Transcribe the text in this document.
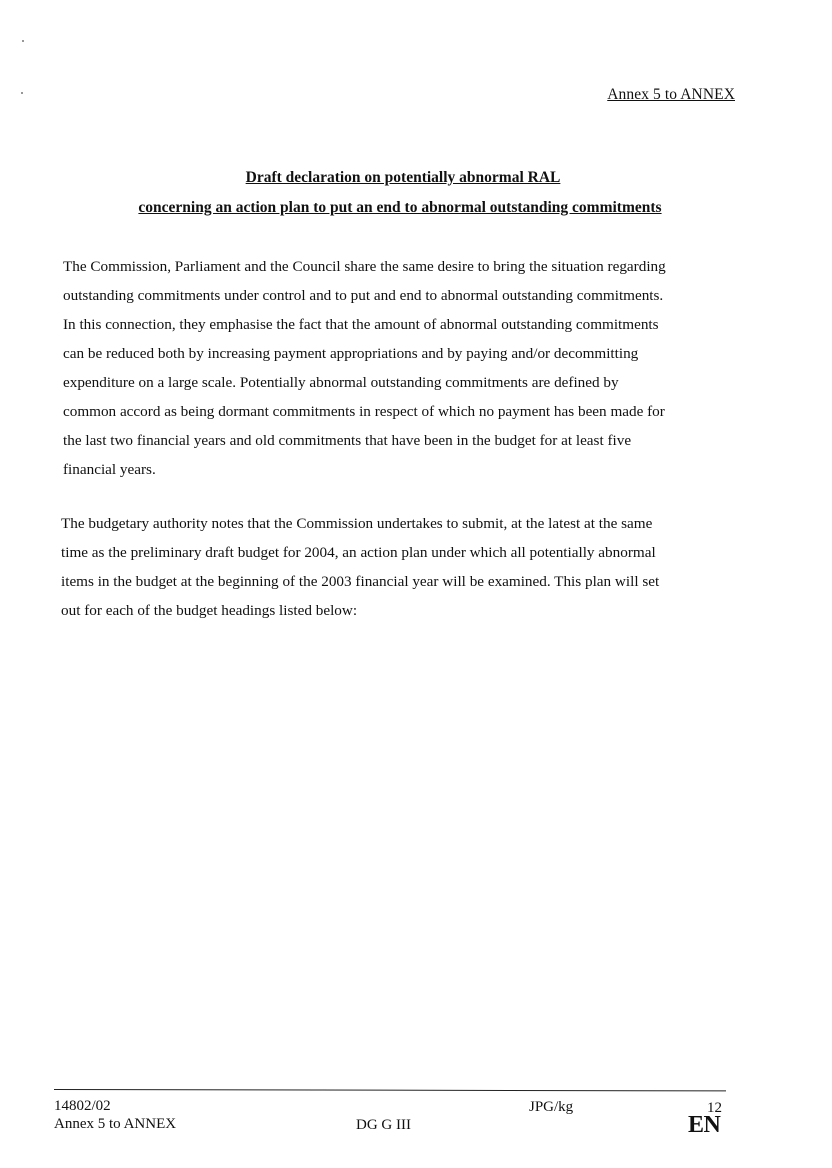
Annex 5 to ANNEX
Draft declaration on potentially abnormal RAL
concerning an action plan to put an end to abnormal outstanding commitments
The Commission, Parliament and the Council share the same desire to bring the situation regarding
outstanding commitments under control and to put and end to abnormal outstanding commitments.
In this connection, they emphasise the fact that the amount of abnormal outstanding commitments
can be reduced both by increasing payment appropriations and by paying and/or decommitting
expenditure on a large scale. Potentially abnormal outstanding commitments are defined by
common accord as being dormant commitments in respect of which no payment has been made for
the last two financial years and old commitments that have been in the budget for at least five
financial years.
The budgetary authority notes that the Commission undertakes to submit, at the latest at the same
time as the preliminary draft budget for 2004, an action plan under which all potentially abnormal
items in the budget at the beginning of the 2003 financial year will be examined. This plan will set
out for each of the budget headings listed below:
14802/02
Annex 5 to ANNEX	DG G III
JPG/kg	12
EN
